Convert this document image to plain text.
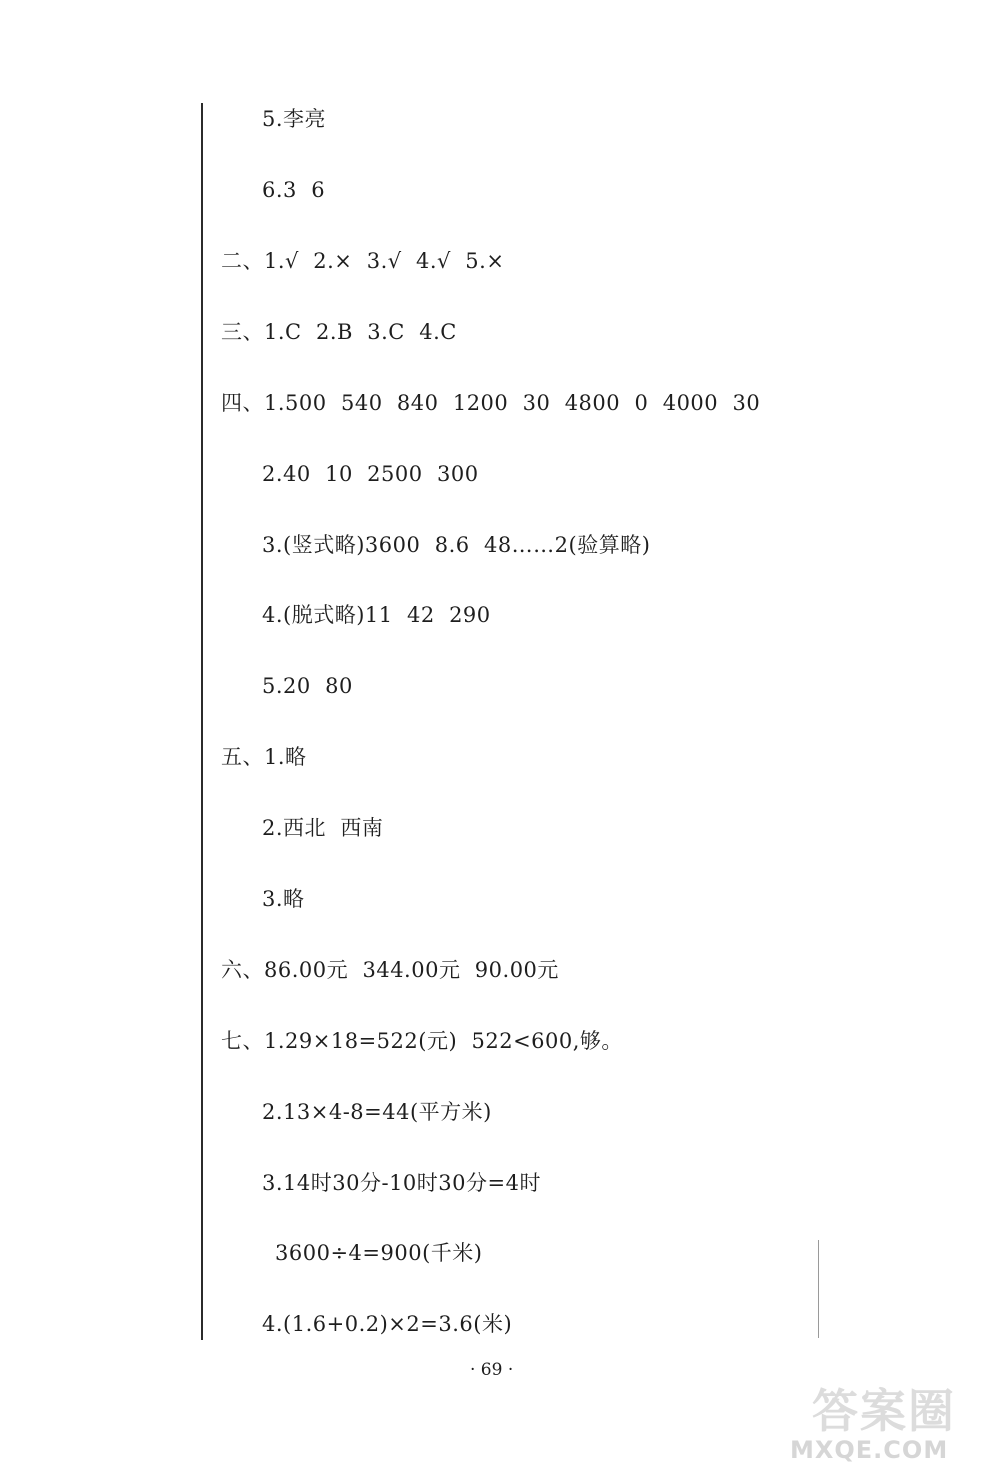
5.李亮
6.3  6
二、1.√  2.×  3.√  4.√  5.×
三、1.C  2.B  3.C  4.C
四、1.500  540  840  1200  30  4800  0  4000  30
2.40  10  2500  300
3.(竖式略)3600  8.6  48……2(验算略)
4.(脱式略)11  42  290
5.20  80
五、1.略
2.西北  西南
3.略
六、86.00元  344.00元  90.00元
七、1.29×18=522(元)  522<600,够。
2.13×4-8=44(平方米)
3.14时30分-10时30分=4时
3600÷4=900(千米)
4.(1.6+0.2)×2=3.6(米)
· 69 ·
答案圈
MXQE.COM
